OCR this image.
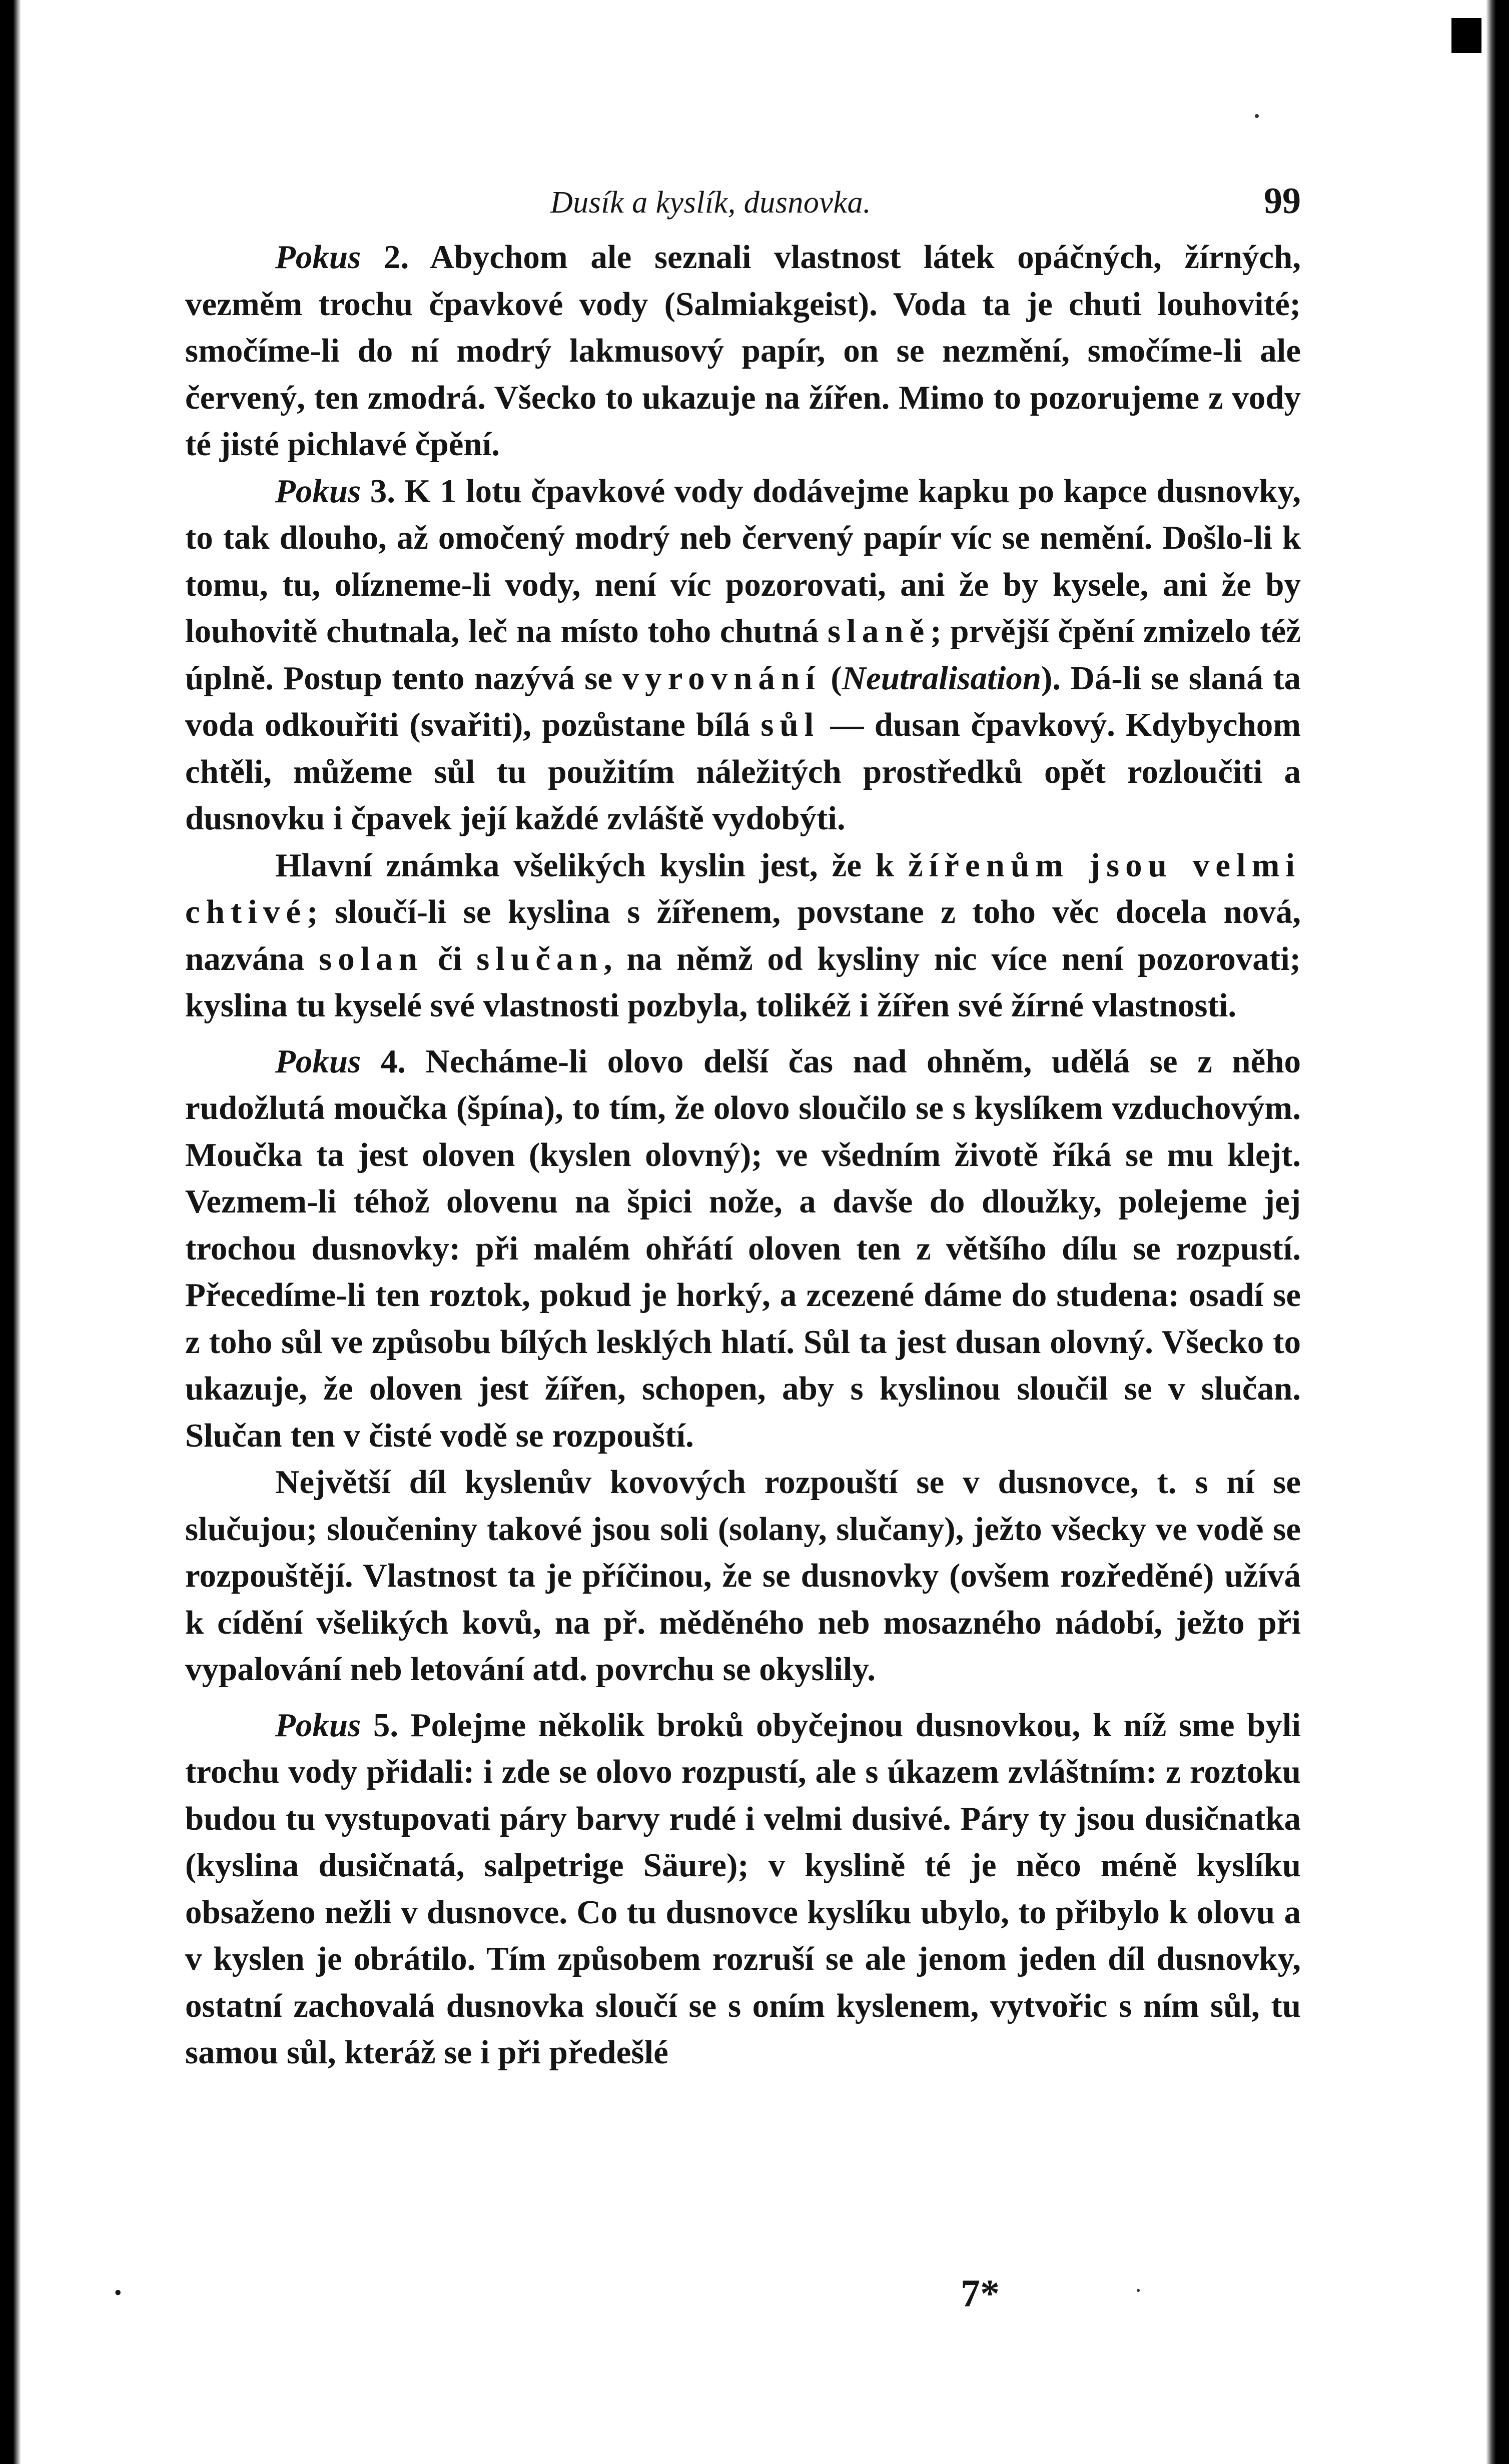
Dusík a kyslík, dusnovka.	99

Pokus 2. Abychom ale seznali vlastnost látek opáčných, žírných, vezměm trochu čpavkové vody (Salmiakgeist). Voda ta je chuti louhovité; smočíme-li do ní modrý lakmusový papír, on se nezmění, smočíme-li ale červený, ten zmodrá. Všecko to ukazuje na žířen. Mimo to pozorujeme z vody té jisté pichlavé čpění.

Pokus 3. K 1 lotu čpavkové vody dodávejme kapku po kapce dusnovky, to tak dlouho, až omočený modrý neb červený papír víc se nemění. Došlo-li k tomu, tu, olízneme-li vody, není víc pozorovati, ani že by kysele, ani že by louhovitě chutnala, leč na místo toho chutná slaně; prvější čpění zmizelo též úplně. Postup tento nazývá se vyrovnání (Neutralisation). Dá-li se slaná ta voda odkouřiti (svařiti), pozůstane bílá sůl — dusan čpavkový. Kdybychom chtěli, můžeme sůl tu použitím náležitých prostředků opět rozloučiti a dusnovku i čpavek její každé zvláště vydobýti.

Hlavní známka všelikých kyslin jest, že k žířenům jsou velmi chtivé; sloučí-li se kyslina s žířenem, povstane z toho věc docela nová, nazvána solan či slučan, na němž od kysliny nic více není pozorovati; kyslina tu kyselé své vlastnosti pozbyla, tolikéž i žířen své žírné vlastnosti.

Pokus 4. Necháme-li olovo delší čas nad ohněm, udělá se z něho rudožlutá moučka (špína), to tím, že olovo sloučilo se s kyslíkem vzduchovým. Moučka ta jest oloven (kyslen olovný); ve všedním životě říká se mu klejt. Vezmem-li téhož olovenu na špici nože, a davše do dloužky, polejeme jej trochou dusnovky: při malém ohřátí oloven ten z většího dílu se rozpustí. Přecedíme-li ten roztok, pokud je horký, a zcezené dáme do studena: osadí se z toho sůl ve způsobu bílých lesklých hlatí. Sůl ta jest dusan olovný. Všecko to ukazuje, že oloven jest žířen, schopen, aby s kyslinou sloučil se v slučan. Slučan ten v čisté vodě se rozpouští.

Největší díl kyslenův kovových rozpouští se v dusnovce, t. s ní se slučujou; sloučeniny takové jsou soli (solany, slučany), ježto všecky ve vodě se rozpouštějí. Vlastnost ta je příčinou, že se dusnovky (ovšem rozředěné) užívá k cídění všelikých kovů, na př. měděného neb mosazného nádobí, ježto při vypalování neb letování atd. povrchu se okyslily.

Pokus 5. Polejme několik broků obyčejnou dusnovkou, k níž sme byli trochu vody přidali: i zde se olovo rozpustí, ale s úkazem zvláštním: z roztoku budou tu vystupovati páry barvy rudé i velmi dusivé. Páry ty jsou dusičnatka (kyslina dusičnatá, salpetrige Säure); v kyslině té je něco méně kyslíku obsaženo nežli v dusnovce. Co tu dusnovce kyslíku ubylo, to přibylo k olovu a v kyslen je obrátilo. Tím způsobem rozruší se ale jenom jeden díl dusnovky, ostatní zachovalá dusnovka sloučí se s oním kyslenem, vytvořic s ním sůl, tu samou sůl, kteráž se i při předešlé

•	7*
